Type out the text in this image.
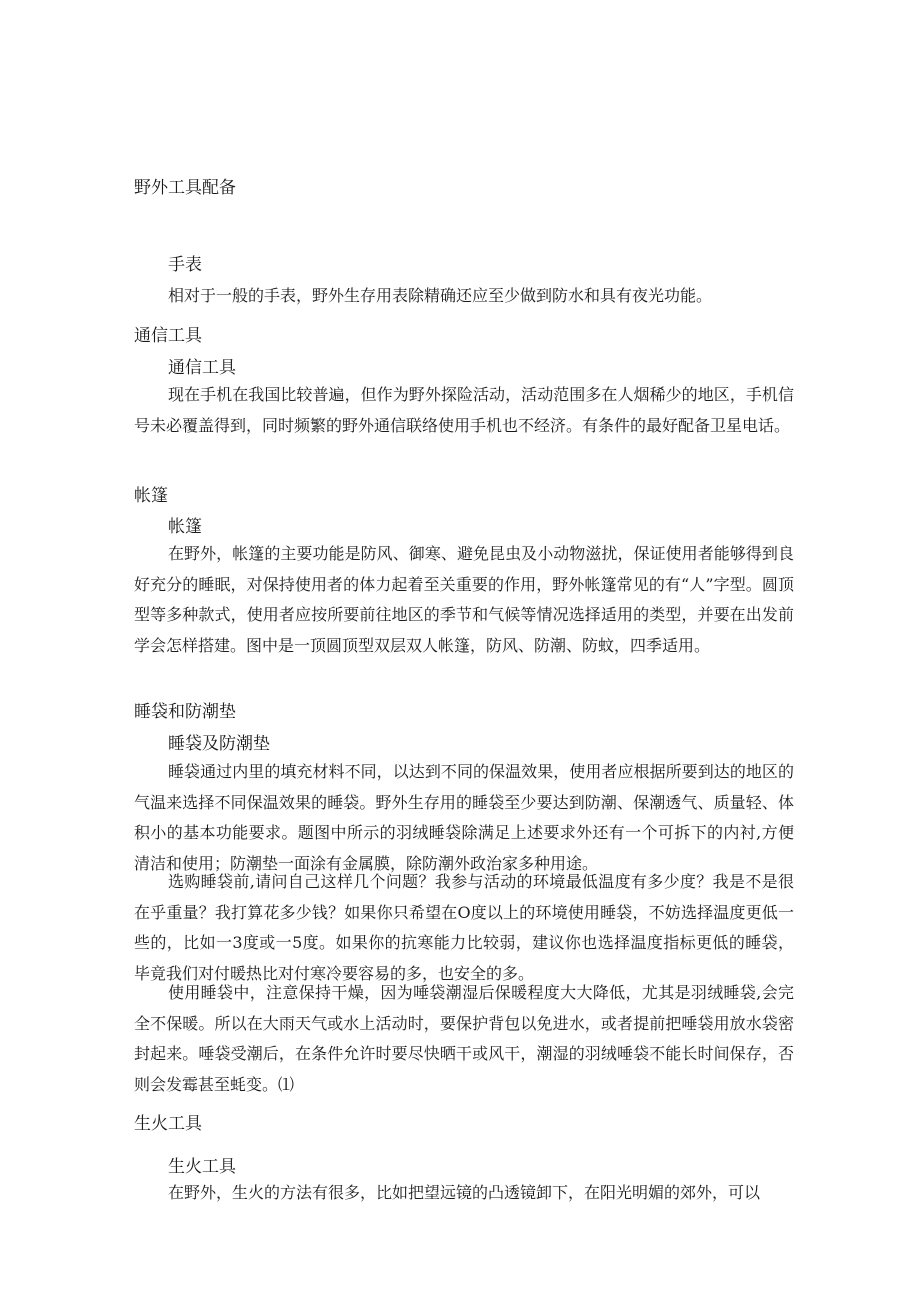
野外工具配备
手表

相对于一般的手表，野外生存用表除精确还应至少做到防水和具有夜光功能。

通信工具
通信工具

现在手机在我国比较普遍，但作为野外探险活动，活动范围多在人烟稀少的地区，手机信号未必覆盖得到，同时频繁的野外通信联络使用手机也不经济。有条件的最好配备卫星电话。

帐篷
帐篷

在野外，帐篷的主要功能是防风、御寒、避免昆虫及小动物滋扰，保证使用者能够得到良好充分的睡眠，对保持使用者的体力起着至关重要的作用，野外帐篷常见的有“人”字型。圆顶型等多种款式，使用者应按所要前往地区的季节和气候等情况选择适用的类型，并要在出发前学会怎样搭建。图中是一顶圆顶型双层双人帐篷，防风、防潮、防蚊，四季适用。

睡袋和防潮垫
睡袋及防潮垫

睡袋通过内里的填充材料不同，以达到不同的保温效果，使用者应根据所要到达的地区的气温来选择不同保温效果的睡袋。野外生存用的睡袋至少要达到防潮、保潮透气、质量轻、体积小的基本功能要求。题图中所示的羽绒睡袋除满足上述要求外还有一个可拆下的内衬,方便清洁和使用；防潮垫一面涂有金属膜，除防潮外政治家多种用途。

选购睡袋前,请问自己这样几个问题？我参与活动的环境最低温度有多少度？我是不是很在乎重量？我打算花多少钱？如果你只希望在O度以上的环境使用睡袋，不妨选择温度更低一些的，比如一3度或一5度。如果你的抗寒能力比较弱，建议你也选择温度指标更低的睡袋，毕竟我们对付暖热比对付寒冷要容易的多，也安全的多。

使用睡袋中，注意保持干燥，因为唾袋潮湿后保暖程度大大降低，尤其是羽绒睡袋,会完全不保暖。所以在大雨天气或水上活动时，要保护背包以免进水，或者提前把唾袋用放水袋密封起来。唾袋受潮后，在条件允许时要尽快晒干或风干，潮湿的羽绒唾袋不能长时间保存，否则会发霉甚至蚝变。⑴

生火工具
生火工具

在野外，生火的方法有很多，比如把望远镜的凸透镜卸下，在阳光明媚的郊外，可以
